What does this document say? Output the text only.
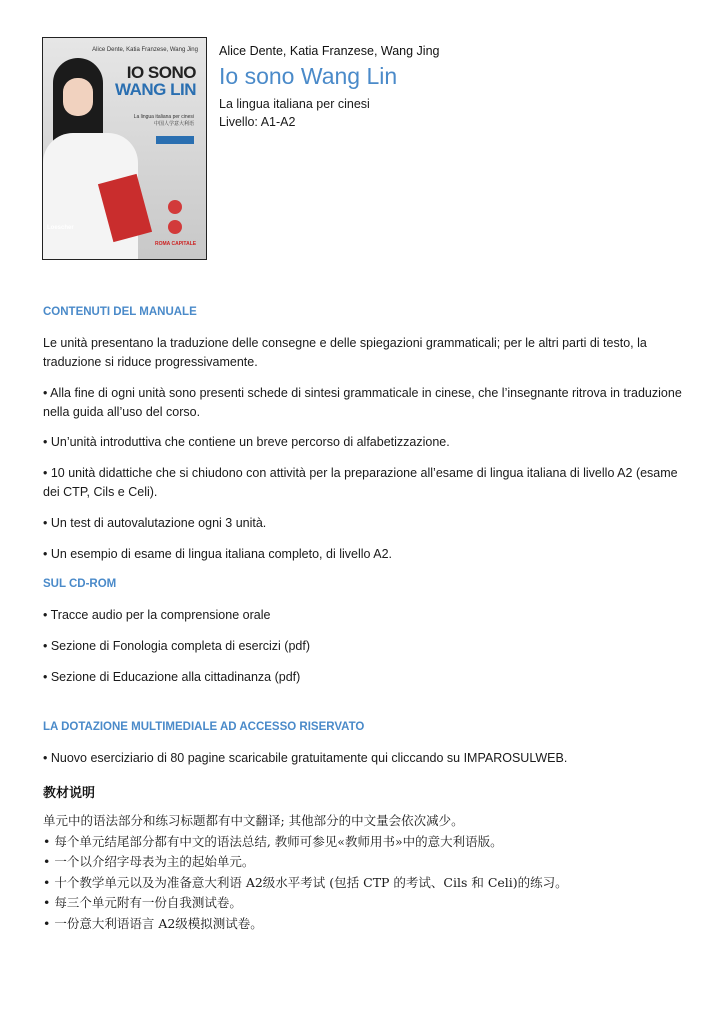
Alice Dente, Katia Franzese, Wang Jing
IO SONO
WANG LIN
La lingua italiana per cinesi
中国人学意大利语
Loescher
ROMA CAPITALE
Alice Dente, Katia Franzese, Wang Jing
Io sono Wang Lin
La lingua italiana per cinesi
Livello: A1-A2
CONTENUTI DEL MANUALE
Le unità presentano la traduzione delle consegne e delle spiegazioni grammaticali; per le altri parti di testo, la traduzione si riduce progressivamente.
• Alla fine di ogni unità sono presenti schede di sintesi grammaticale in cinese, che l’insegnante ritrova in traduzione nella guida all’uso del corso.
• Un’unità introduttiva che contiene un breve percorso di alfabetizzazione.
• 10 unità didattiche che si chiudono con attività per la preparazione all’esame di lingua italiana di livello A2 (esame dei CTP, Cils e Celi).
• Un test di autovalutazione ogni 3 unità.
• Un esempio di esame di lingua italiana completo, di livello A2.
SUL CD-ROM
• Tracce audio per la comprensione orale
• Sezione di Fonologia completa di esercizi (pdf)
• Sezione di Educazione alla cittadinanza (pdf)
LA DOTAZIONE MULTIMEDIALE AD ACCESSO RISERVATO
• Nuovo eserciziario di 80 pagine scaricabile gratuitamente qui cliccando su IMPAROSULWEB.
教材说明
单元中的语法部分和练习标题都有中文翻译; 其他部分的中文量会依次减少。
• 每个单元结尾部分都有中文的语法总结, 教师可参见«教师用书»中的意大利语版。
• 一个以介绍字母表为主的起始单元。
• 十个教学单元以及为准备意大利语 A2级水平考试 (包括 CTP 的考试、Cils 和 Celi)的练习。
• 每三个单元附有一份自我测试卷。
• 一份意大利语语言 A2级模拟测试卷。
